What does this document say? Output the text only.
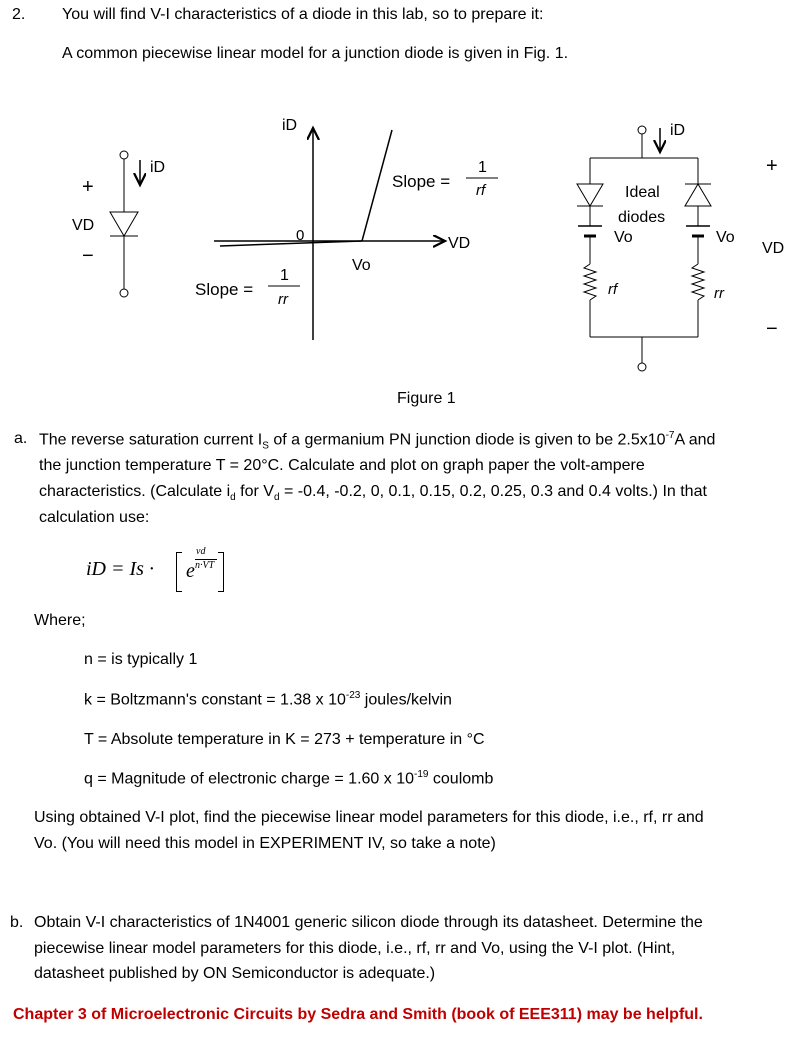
2. You will find V-I characteristics of a diode in this lab, so to prepare it:
A common piecewise linear model for a junction diode is given in Fig. 1.
iD
+
VD
−
iD
VD
0
Vo
Slope =
1
rf
Slope =
1
rr
iD
Ideal
diodes
Vo	Vo
rf	rr
+
VD
−
Figure 1
a. The reverse saturation current $I_S$ of a germanium PN junction diode is given to be $2.5x10^{-7}A$ and
the junction temperature T = 20°C. Calculate and plot on graph paper the volt-ampere
characteristics. (Calculate $i_d$ for $V_d = -0.4$, -0.2, 0, 0.1, 0.15, 0.2, 0.25, 0.3 and 0.4 volts.) In that
calculation use:
iD = Is · e
vd
n·VT
Where;
n = is typically 1
k = Boltzmann's constant = 1.38 x $10^{-23}$ joules/kelvin
T = Absolute temperature in K = 273 + temperature in °C
q = Magnitude of electronic charge = 1.60 x $10^{-19}$ coulomb
Using obtained V-I plot, find the piecewise linear model parameters for this diode, i.e., rf, rr and
Vo. (You will need this model in EXPERIMENT IV, so take a note)
b. Obtain V-I characteristics of 1N4001 generic silicon diode through its datasheet. Determine the
piecewise linear model parameters for this diode, i.e., rf, rr and Vo, using the V-I plot. (Hint,
datasheet published by ON Semiconductor is adequate.)
Chapter 3 of Microelectronic Circuits by Sedra and Smith (book of EEE311) may be helpful.
